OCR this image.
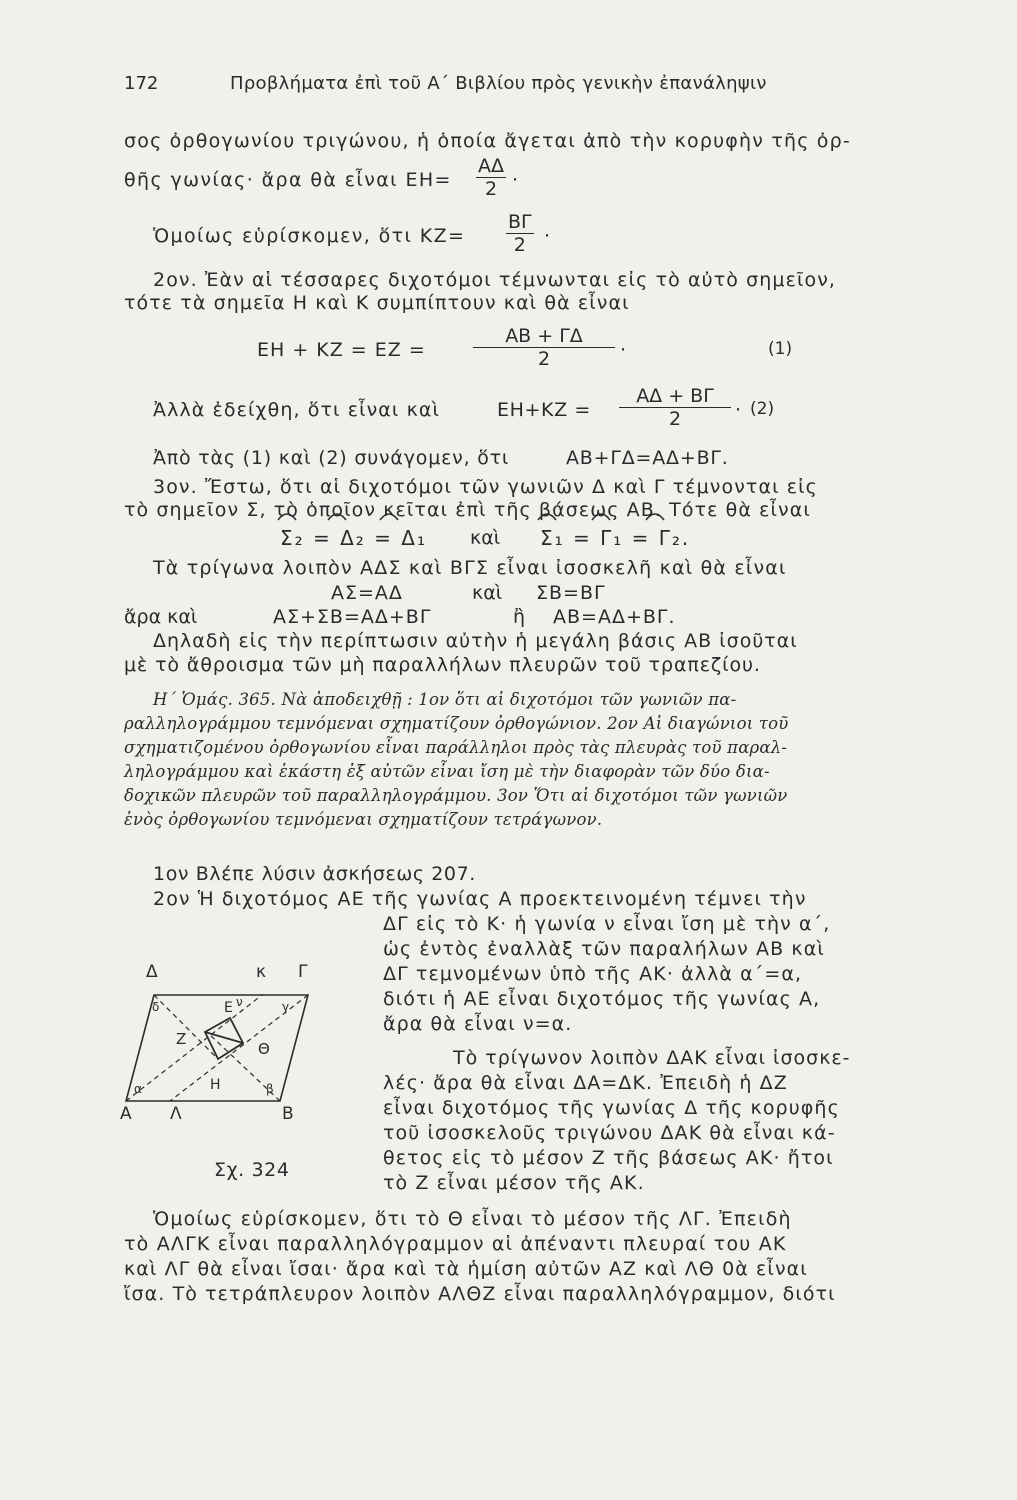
172	Προβλήματα ἐπὶ τοῦ Α΄ Βιβλίου πρὸς γενικὴν ἐπανάληψιν
σος ὀρθογωνίου τριγώνου, ἡ ὁποία ἄγεται ἀπὸ τὴν κορυφὴν τῆς ὀρ-
θῆς γωνίας· ἄρα θὰ εἶναι $EH= \frac{A\Delta}{2}$ ·
Ὁμοίως εὑρίσκομεν, ὅτι $KZ= \frac{B\Gamma}{2}$ ·
2ον. Ἐὰν αἱ τέσσαρες διχοτόμοι τέμνωνται εἰς τὸ αὐτὸ σημεῖον,
τότε τὰ σημεῖα Η καὶ Κ συμπίπτουν καὶ θὰ εἶναι
$EH + KZ = EZ = \frac{AB + \Gamma\Delta}{2}$ ·	(1)
Ἀλλὰ ἐδείχθη, ὅτι εἶναι καὶ	$EH+KZ = \frac{A\Delta + B\Gamma}{2} \cdot (2)$
Ἀπὸ τὰς (1) καὶ (2) συνάγομεν, ὅτι	ΑΒ+ΓΔ=ΑΔ+ΒΓ.
3ον. Ἔστω, ὅτι αἱ διχοτόμοι τῶν γωνιῶν Δ καὶ Γ τέμνονται εἰς
τὸ σημεῖον Σ, τὸ ὁποῖον κεῖται ἐπὶ τῆς βάσεως ΑΒ. Τότε θὰ εἶναι
Σ₂ = Δ₂ = Δ₁ καὶ Σ₁ = Γ₁ = Γ₂.
Τὰ τρίγωνα λοιπὸν ΑΔΣ καὶ ΒΓΣ εἶναι ἰσοσκελῆ καὶ θὰ εἶναι
ΑΣ=ΑΔ	καὶ ΣΒ=ΒΓ
ἄρα καὶ	ΑΣ+ΣΒ=ΑΔ+ΒΓ	ἢ ΑΒ=ΑΔ+ΒΓ.
Δηλαδὴ εἰς τὴν περίπτωσιν αὐτὴν ἡ μεγάλη βάσις ΑΒ ἰσοῦται
μὲ τὸ ἄθροισμα τῶν μὴ παραλλήλων πλευρῶν τοῦ τραπεζίου.
Η΄ Ὁμάς. 365. Νὰ ἀποδειχθῇ : 1ον ὅτι αἱ διχοτόμοι τῶν γωνιῶν πα-
ραλληλογράμμου τεμνόμεναι σχηματίζουν ὀρθογώνιον. 2ον Αἱ διαγώνιοι τοῦ
σχηματιζομένου ὀρθογωνίου εἶναι παράλληλοι πρὸς τὰς πλευρὰς τοῦ παραλ-
ληλογράμμου καὶ ἑκάστη ἐξ αὐτῶν εἶναι ἴση μὲ τὴν διαφορὰν τῶν δύο δια-
δοχικῶν πλευρῶν τοῦ παραλληλογράμμου. 3ον Ὅτι αἱ διχοτόμοι τῶν γωνιῶν
ἑνὸς ὀρθογωνίου τεμνόμεναι σχηματίζουν τετράγωνον.
1ον Βλέπε λύσιν ἀσκήσεως 207.
2ον Ἡ διχοτόμος ΑΕ τῆς γωνίας Α προεκτεινομένη τέμνει τὴν
ΔΓ εἰς τὸ Κ· ἡ γωνία ν εἶναι ἴση μὲ τὴν α΄,
ὡς ἐντὸς ἐναλλὰξ τῶν παραλήλων ΑΒ καὶ
ΔΓ τεμνομένων ὑπὸ τῆς ΑΚ· ἀλλὰ α΄=α,
διότι ἡ ΑΕ εἶναι διχοτόμος τῆς γωνίας Α,
ἄρα θὰ εἶναι ν=α.
Τὸ τρίγωνον λοιπὸν ΔΑΚ εἶναι ἰσοσκε-
λές· ἄρα θὰ εἶναι ΔΑ=ΔΚ. Ἐπειδὴ ἡ ΔΖ
εἶναι διχοτόμος τῆς γωνίας Δ τῆς κορυφῆς
τοῦ ἰσοσκελοῦς τριγώνου ΔΑΚ θὰ εἶναι κά-
θετος εἰς τὸ μέσον Ζ τῆς βάσεως ΑΚ· ἤτοι
τὸ Ζ εἶναι μέσον τῆς ΑΚ.
Ὁμοίως εὑρίσκομεν, ὅτι τὸ Θ εἶναι τὸ μέσον τῆς ΛΓ. Ἐπειδὴ
τὸ ΑΛΓΚ εἶναι παραλληλόγραμμον αἱ ἀπέναντι πλευραί του ΑΚ
καὶ ΛΓ θὰ εἶναι ἴσαι· ἄρα καὶ τὰ ἡμίση αὐτῶν ΑΖ καὶ ΛΘ 0ὰ εἶναι
ἴσα. Τὸ τετράπλευρον λοιπὸν ΑΛΘΖ εἶναι παραλληλόγραμμον, διότι
Δ	κ Γ
Α Λ	Β
Ε
Ζ
Η
Θ
δ	γ
ν
α	β
Σχ. 324
